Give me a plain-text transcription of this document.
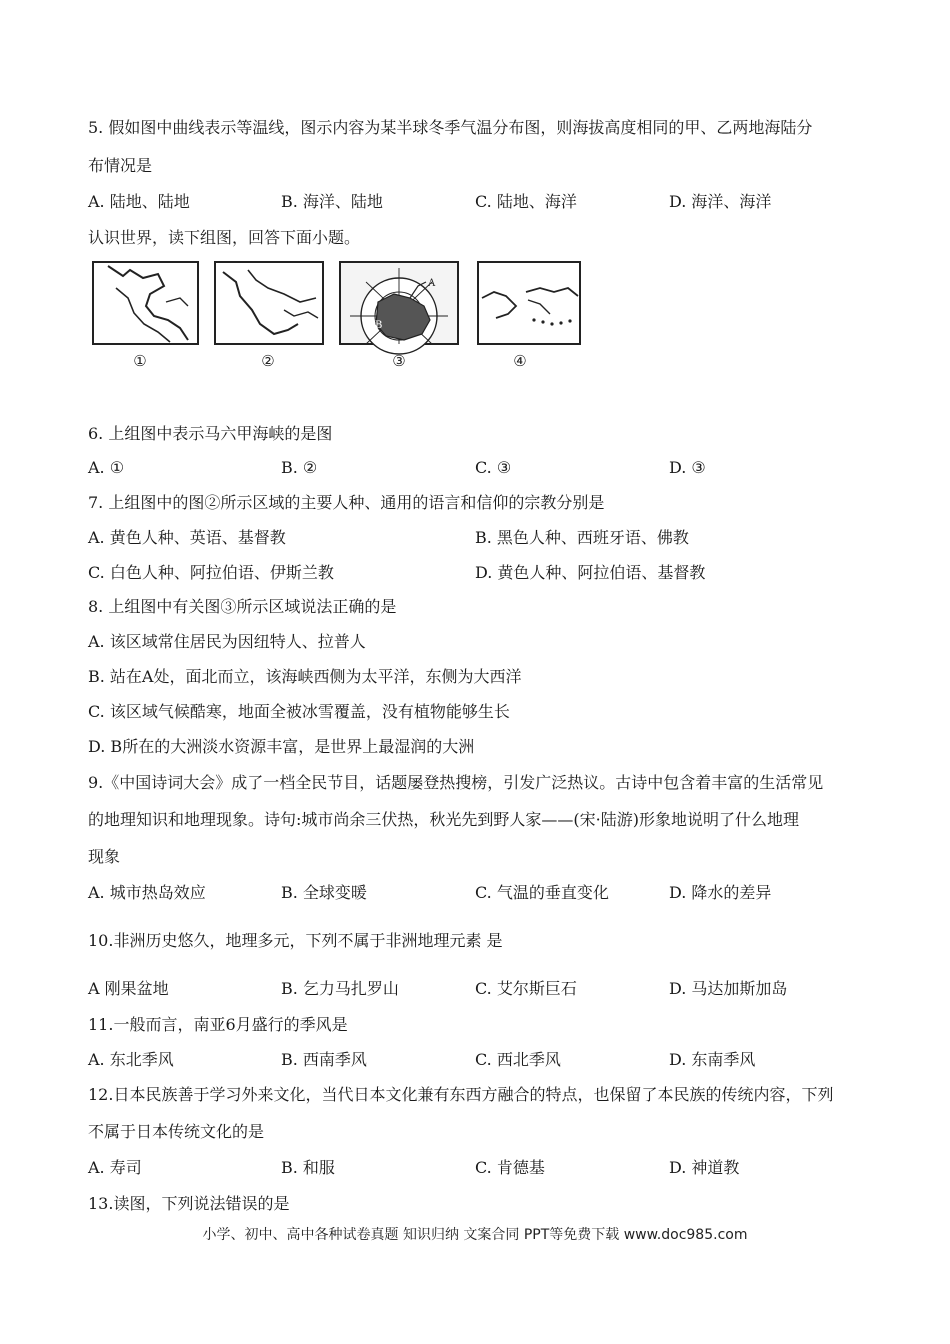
5. 假如图中曲线表示等温线，图示内容为某半球冬季气温分布图，则海拔高度相同的甲、乙两地海陆分
布情况是
A. 陆地、陆地	B. 海洋、陆地	C. 陆地、海洋	D. 海洋、海洋
认识世界，读下组图，回答下面小题。
①	②
A
B
③	④
6. 上组图中表示马六甲海峡的是图
A. ①	B. ②	C. ③	D. ③
7. 上组图中的图②所示区域的主要人种、通用的语言和信仰的宗教分别是
A. 黄色人种、英语、基督教	B. 黑色人种、西班牙语、佛教
C. 白色人种、阿拉伯语、伊斯兰教	D. 黄色人种、阿拉伯语、基督教
8. 上组图中有关图③所示区域说法正确的是
A. 该区域常住居民为因纽特人、拉普人
B. 站在A处，面北而立，该海峡西侧为太平洋，东侧为大西洋
C. 该区域气候酷寒，地面全被冰雪覆盖，没有植物能够生长
D. B所在的大洲淡水资源丰富，是世界上最湿润的大洲
9.《中国诗词大会》成了一档全民节目，话题屡登热搜榜，引发广泛热议。古诗中包含着丰富的生活常见
的地理知识和地理现象。诗句:城市尚余三伏热，秋光先到野人家——(宋·陆游)形象地说明了什么地理
现象
A. 城市热岛效应	B. 全球变暖	C. 气温的垂直变化	D. 降水的差异
10.非洲历史悠久，地理多元，下列不属于非洲地理元素 是
A 刚果盆地	B. 乞力马扎罗山	C. 艾尔斯巨石	D. 马达加斯加岛
11.一般而言，南亚6月盛行的季风是
A. 东北季风	B. 西南季风	C. 西北季风	D. 东南季风
12.日本民族善于学习外来文化，当代日本文化兼有东西方融合的特点，也保留了本民族的传统内容，下列
不属于日本传统文化的是
A. 寿司	B. 和服	C. 肯德基	D. 神道教
13.读图，下列说法错误的是
小学、初中、高中各种试卷真题 知识归纳 文案合同 PPT等免费下载 www.doc985.com
